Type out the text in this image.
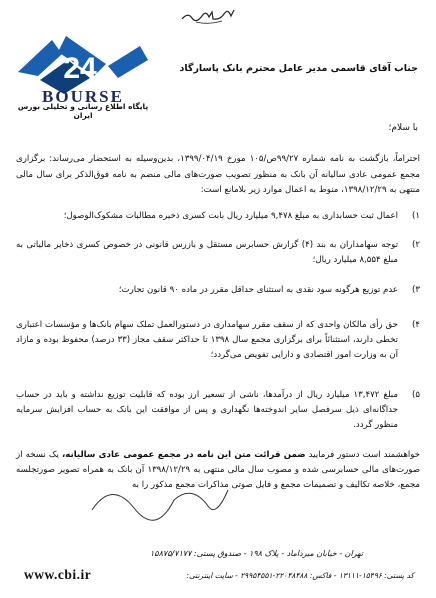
24
BOURSE
پایگاه اطلاع رسانی و تحلیلی بورس ایران
جناب آقای قاسمی مدیر عامل محترم بانک پاسارگاد
با سلام؛
احتراماً، بازگشت به نامه شماره ۹۹/۲۷ص/۱۰۵ مورخ ۱۳۹۹/۰۴/۱۹، بدین‌وسیله به استحضار می‌رساند: برگزاری مجمع عمومی عادی سالیانه آن بانک به منظور تصویب صورت‌های مالی منضم به نامه فوق‌الذکر برای سال مالی منتهی به ۱۳۹۸/۱۲/۲۹، منوط به اعمال موارد زیر بلامانع است:
۱)
اعمال ثبت حسابداری به مبلغ ۹,۴۷۸ میلیارد ریال بابت کسری ذخیره مطالبات مشکوک‌الوصول؛
۲)
توجه سهامداران به بند (۴) گزارش حسابرس مستقل و بازرس قانونی در خصوص کسری ذخایر مالیاتی به مبلغ ۸,۵۵۴ میلیارد ریال؛
۳)
عدم توزیع هرگونه سود نقدی به استثنای حداقل مقرر در ماده ۹۰ قانون تجارت؛
۴)
حق رأی مالکان واحدی که از سقف مقرر سهامداری در دستورالعمل تملک سهام بانک‌ها و مؤسسات اعتباری تخطی دارند، استثنائاً برای برگزاری مجمع سال ۱۳۹۸ تا حداکثر سقف مجاز (۳۳ درصد) محفوظ بوده و مازاد آن به وزارت امور اقتصادی و دارایی تفویض می‌گردد؛
۵)
مبلغ ۱۳,۴۷۲ میلیارد ریال از درآمدها، ناشی از تسعیر ارز بوده که قابلیت توزیع نداشته و باید در حساب جداگانه‌ای ذیل سرفصل سایر اندوخته‌ها نگهداری و پس از موافقت این بانک به حساب افزایش سرمایه منظور گردد.
خواهشمند است دستور فرمایید ضمن قرائت متن این نامه در مجمع عمومی عادی سالیانه، یک نسخه از صورت‌های مالی حسابرسی شده و مصوب سال مالی منتهی به ۱۳۹۸/۱۲/۲۹ آن بانک به همراه تصویر صورتجلسه مجمع، خلاصه تکالیف و تصمیمات مجمع و فایل صوتی مذاکرات مجمع مذکور را به
تهران - خیابان میرداماد - پلاک ۱۹۸ - صندوق پستی: ۱۵۸۷۵/۷۱۷۷
www.cbi.ir	کد پستی: ۱۵۴۹۶-۱۳۱۱۱ - فاکس: ۲۲۰۴۸۴۸۸-۲۹۹۵۴۵۵۱ - سایت اینترنتی:
